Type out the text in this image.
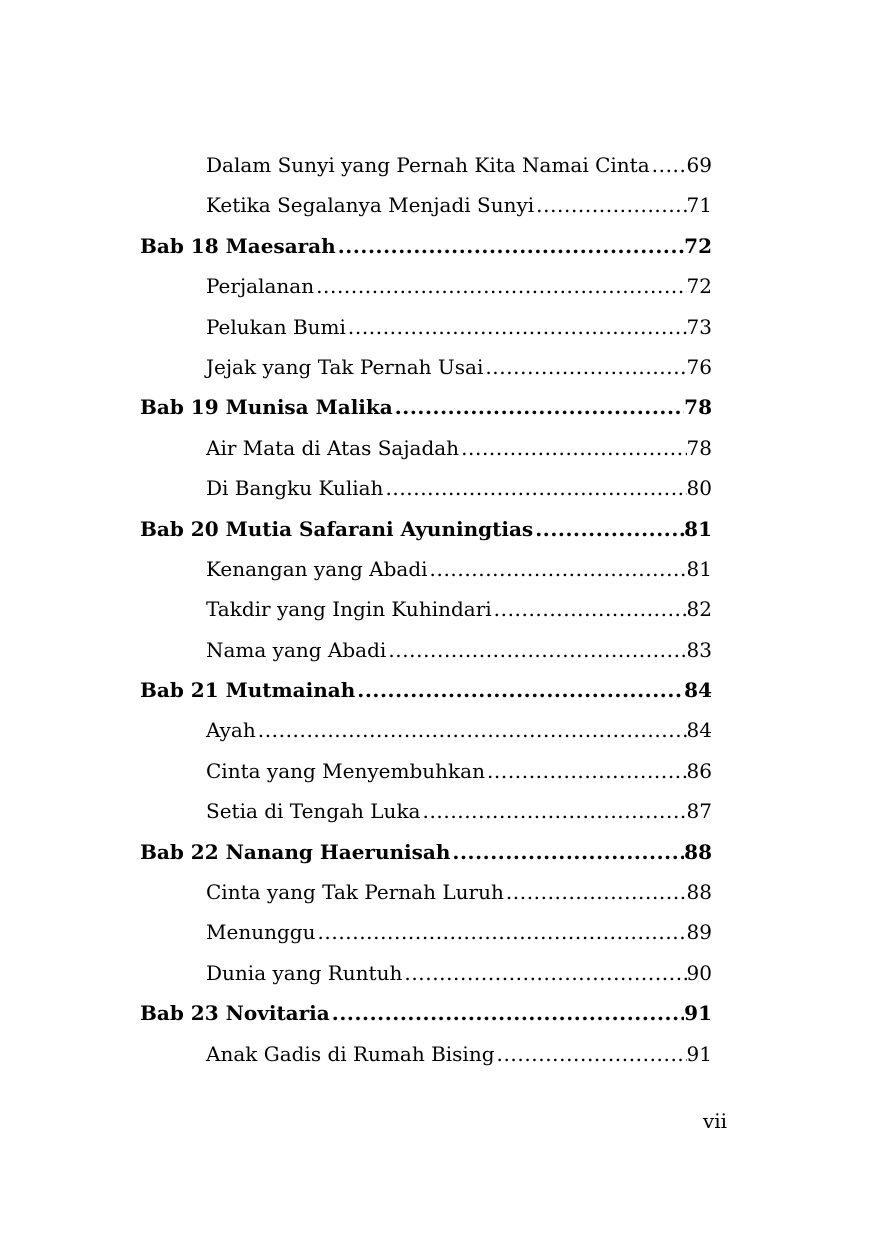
Dalam Sunyi yang Pernah Kita Namai Cinta ..... 69
Ketika Segalanya Menjadi Sunyi .....	71
Bab 18 Maesarah .....	72
Perjalanan .....	72
Pelukan Bumi .....	73
Jejak yang Tak Pernah Usai .....	76
Bab 19 Munisa Malika .....	78
Air Mata di Atas Sajadah .....	78
Di Bangku Kuliah .....	80
Bab 20 Mutia Safarani Ayuningtias .....	81
Kenangan yang Abadi .....	81
Takdir yang Ingin Kuhindari .....	82
Nama yang Abadi .....	83
Bab 21 Mutmainah .....	84
Ayah .....	84
Cinta yang Menyembuhkan .....	86
Setia di Tengah Luka .....	87
Bab 22 Nanang Haerunisah .....	88
Cinta yang Tak Pernah Luruh .....	88
Menunggu .....	89
Dunia yang Runtuh .....	90
Bab 23 Novitaria .....	91
Anak Gadis di Rumah Bising .....	91
vii
